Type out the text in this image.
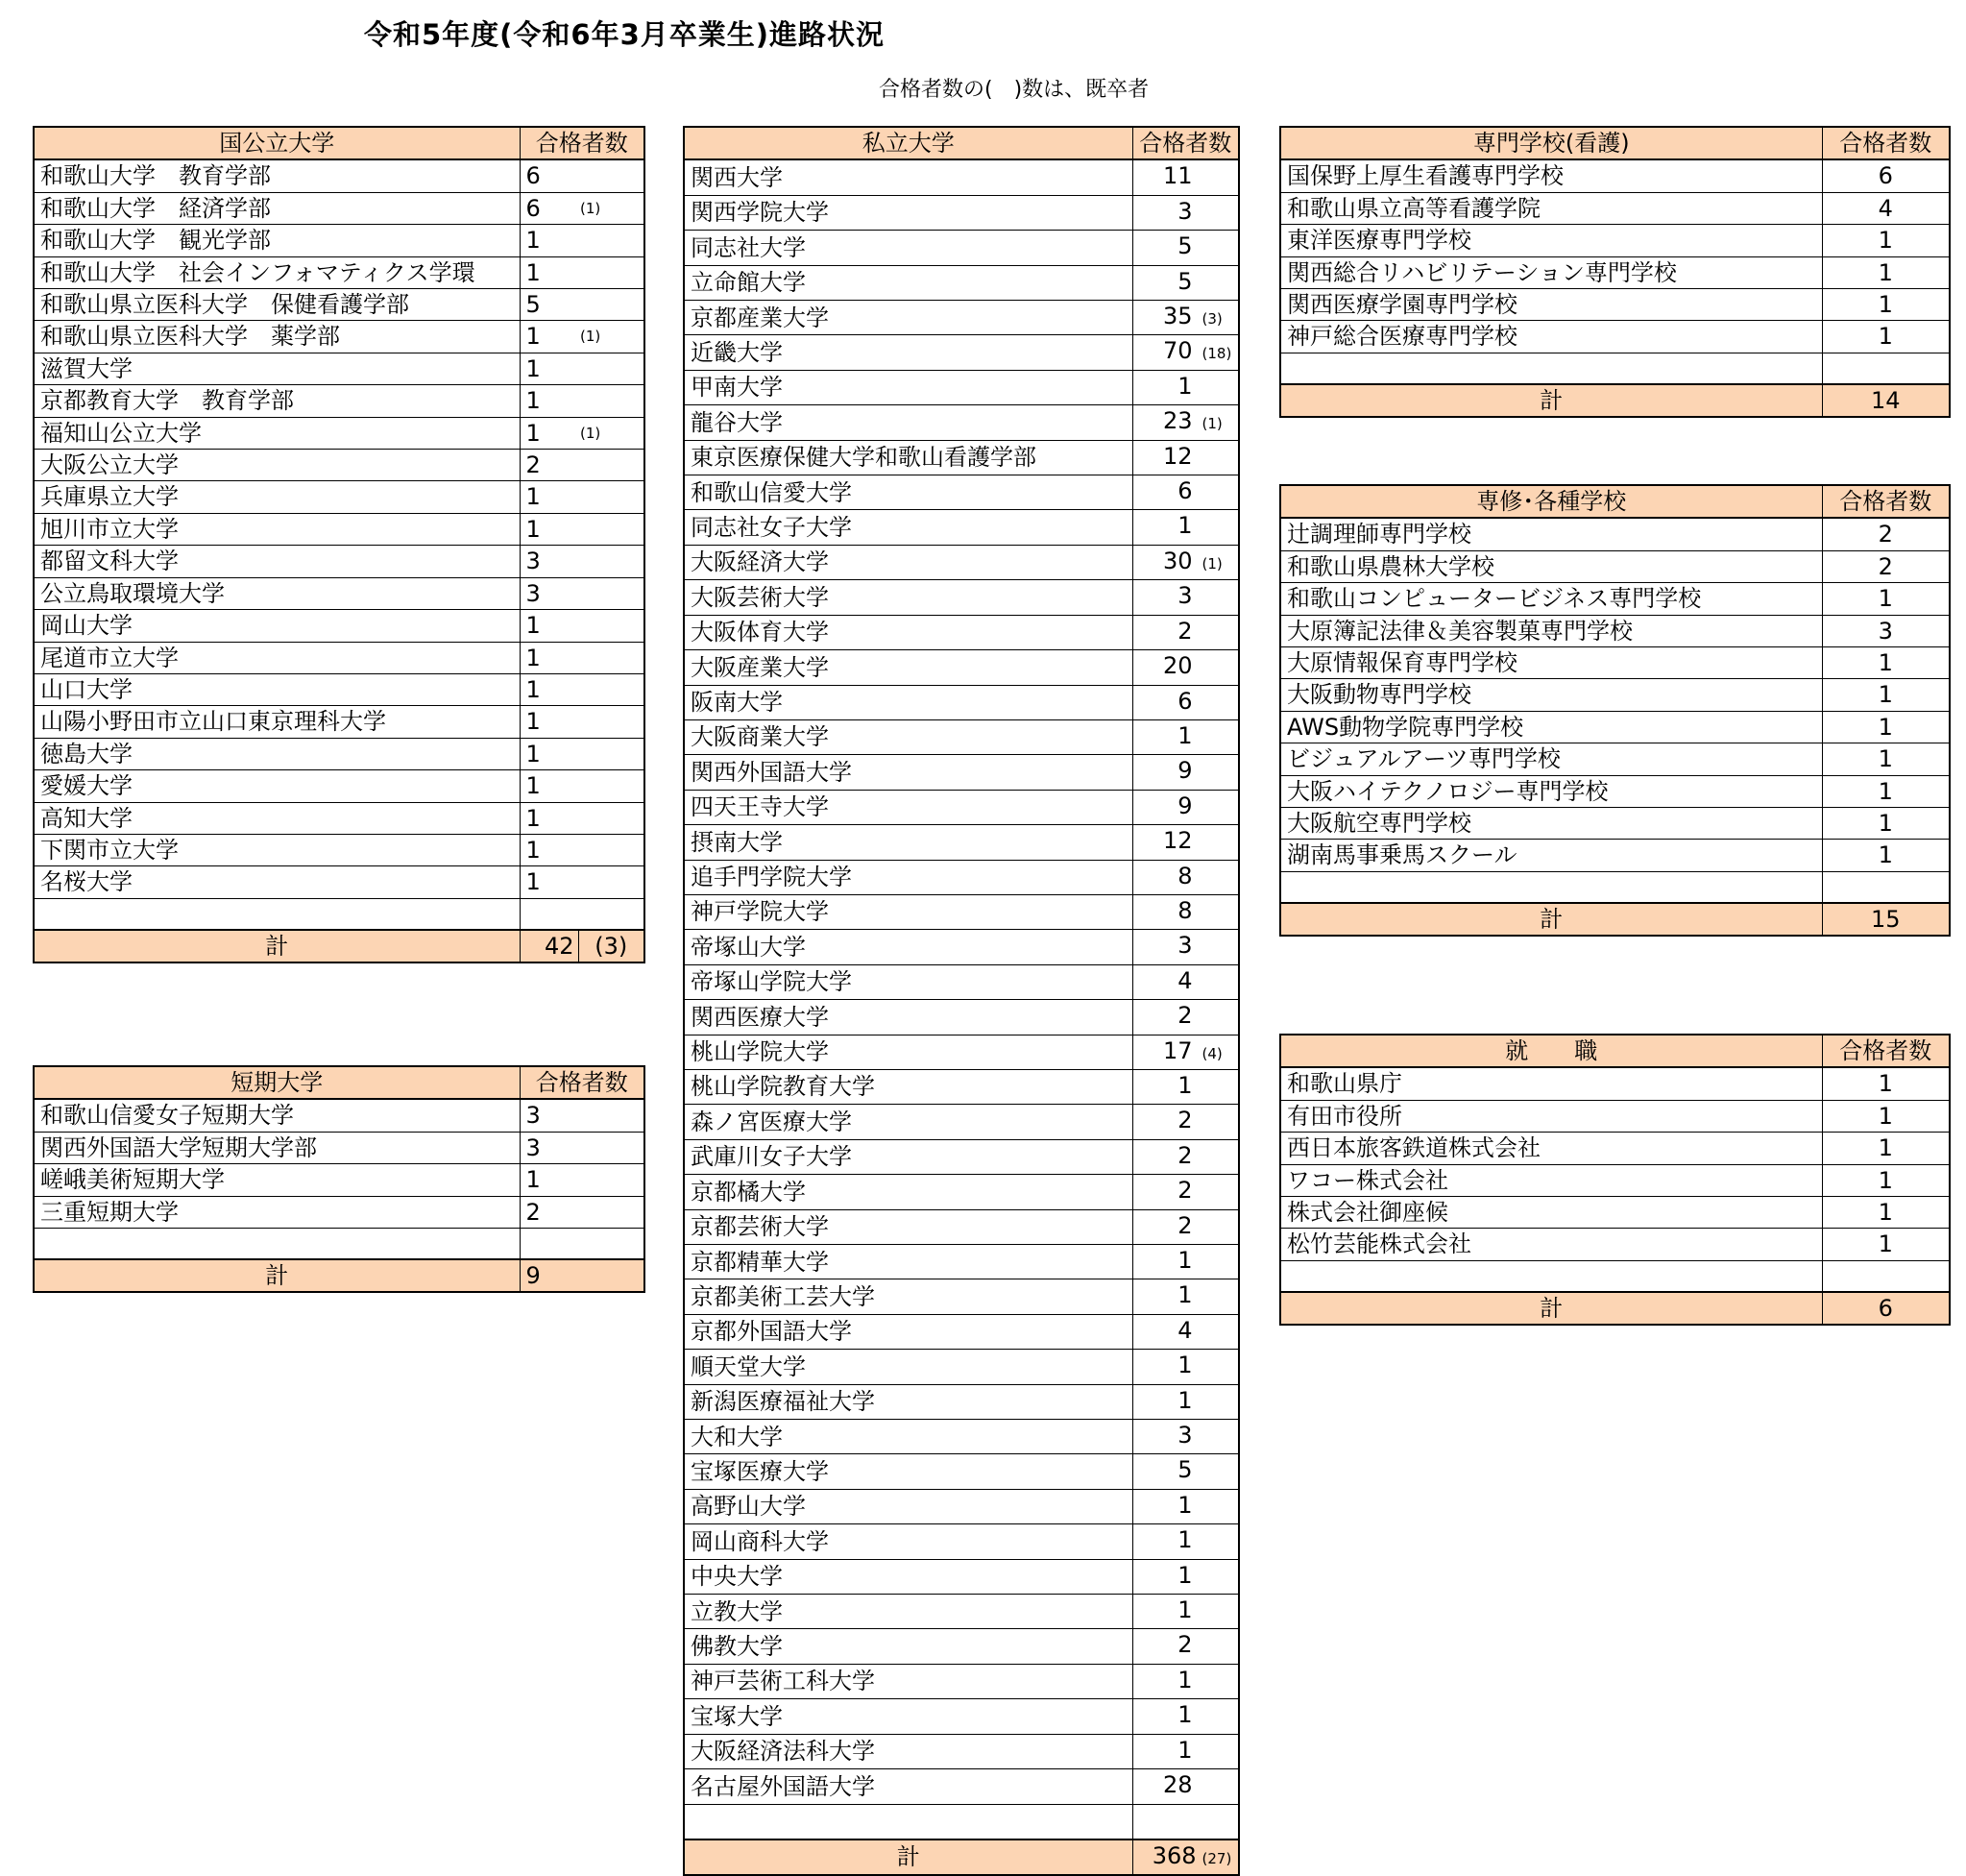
令和5年度(令和6年3月卒業生)進路状況
合格者数の(　)数は、既卒者
国公立大学	合格者数	
和歌山大学　教育学部	6	
和歌山大学　経済学部	6	(1)
和歌山大学　観光学部	1	
和歌山大学　社会インフォマティクス学環	1	
和歌山県立医科大学　保健看護学部	5	
和歌山県立医科大学　薬学部	1	(1)
滋賀大学	1	
京都教育大学　教育学部	1	
福知山公立大学	1	(1)
大阪公立大学	2	
兵庫県立大学	1	
旭川市立大学	1	
都留文科大学	3	
公立鳥取環境大学	3	
岡山大学	1	
尾道市立大学	1	
山口大学	1	
山陽小野田市立山口東京理科大学	1	
徳島大学	1	
愛媛大学	1	
高知大学	1	
下関市立大学	1	
名桜大学	1	

計	42	(3)
短期大学	合格者数
和歌山信愛女子短期大学	3
関西外国語大学短期大学部	3
嵯峨美術短期大学	1
三重短期大学	2

計	9
私立大学	合格者数
関西大学	11
関西学院大学	3
同志社大学	5
立命館大学	5
京都産業大学	35 (3)
近畿大学	70 (18)
甲南大学	1
龍谷大学	23 (1)
東京医療保健大学和歌山看護学部	12
和歌山信愛大学	6
同志社女子大学	1
大阪経済大学	30 (1)
大阪芸術大学	3
大阪体育大学	2
大阪産業大学	20
阪南大学	6
大阪商業大学	1
関西外国語大学	9
四天王寺大学	9
摂南大学	12
追手門学院大学	8
神戸学院大学	8
帝塚山大学	3
帝塚山学院大学	4
関西医療大学	2
桃山学院大学	17 (4)
桃山学院教育大学	1
森ノ宮医療大学	2
武庫川女子大学	2
京都橘大学	2
京都芸術大学	2
京都精華大学	1
京都美術工芸大学	1
京都外国語大学	4
順天堂大学	1
新潟医療福祉大学	1
大和大学	3
宝塚医療大学	5
高野山大学	1
岡山商科大学	1
中央大学	1
立教大学	1
佛教大学	2
神戸芸術工科大学	1
宝塚大学	1
大阪経済法科大学	1
名古屋外国語大学	28

計	368 (27)
専門学校(看護)	合格者数
国保野上厚生看護専門学校	6
和歌山県立高等看護学院	4
東洋医療専門学校	1
関西総合リハビリテーション専門学校	1
関西医療学園専門学校	1
神戸総合医療専門学校	1

計	14
専修･各種学校	合格者数
辻調理師専門学校	2
和歌山県農林大学校	2
和歌山コンピュータービジネス専門学校	1
大原簿記法律＆美容製菓専門学校	3
大原情報保育専門学校	1
大阪動物専門学校	1
AWS動物学院専門学校	1
ビジュアルアーツ専門学校	1
大阪ハイテクノロジー専門学校	1
大阪航空専門学校	1
湖南馬事乗馬スクール	1

計	15
就　　職	合格者数
和歌山県庁	1
有田市役所	1
西日本旅客鉄道株式会社	1
ワコー株式会社	1
株式会社御座候	1
松竹芸能株式会社	1

計	6
